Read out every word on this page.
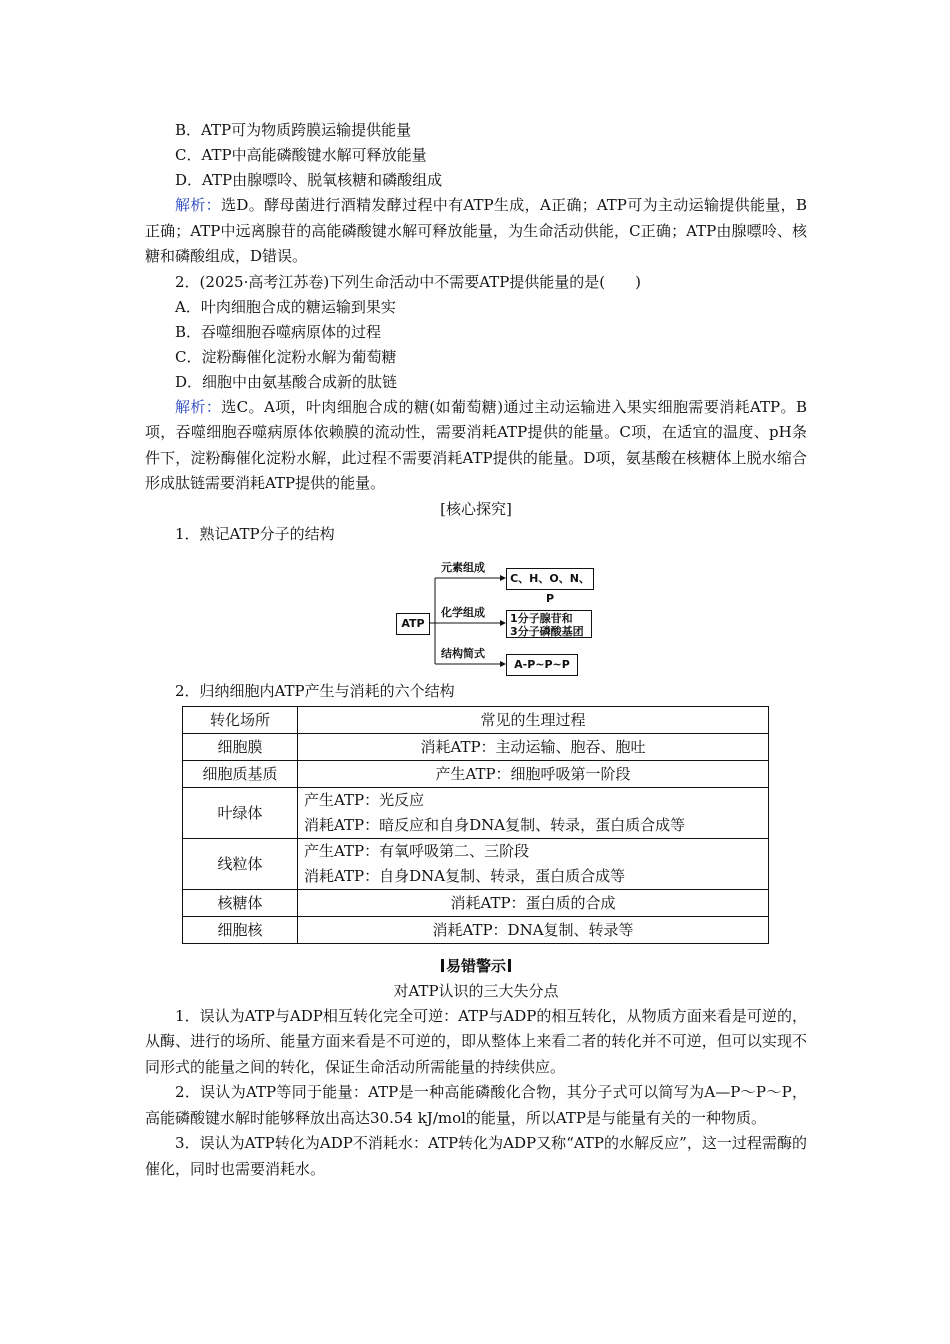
B．ATP可为物质跨膜运输提供能量
C．ATP中高能磷酸键水解可释放能量
D．ATP由腺嘌呤、脱氧核糖和磷酸组成
解析：选D。酵母菌进行酒精发酵过程中有ATP生成，A正确；ATP可为主动运输提供能量，B正确；ATP中远离腺苷的高能磷酸键水解可释放能量，为生命活动供能，C正确；ATP由腺嘌呤、核糖和磷酸组成，D错误。
2．(2025·高考江苏卷)下列生命活动中不需要ATP提供能量的是(　　)
A．叶肉细胞合成的糖运输到果实
B．吞噬细胞吞噬病原体的过程
C．淀粉酶催化淀粉水解为葡萄糖
D．细胞中由氨基酸合成新的肽链
解析：选C。A项，叶肉细胞合成的糖(如葡萄糖)通过主动运输进入果实细胞需要消耗ATP。B项，吞噬细胞吞噬病原体依赖膜的流动性，需要消耗ATP提供的能量。C项，在适宜的温度、pH条件下，淀粉酶催化淀粉水解，此过程不需要消耗ATP提供的能量。D项，氨基酸在核糖体上脱水缩合形成肽链需要消耗ATP提供的能量。
[核心探究]
1．熟记ATP分子的结构
ATP
元素组成
化学组成
结构简式
C、H、O、N、P
1分子腺苷和
3分子磷酸基团
A-P~P~P
2．归纳细胞内ATP产生与消耗的六个结构
转化场所	常见的生理过程
细胞膜	消耗ATP：主动运输、胞吞、胞吐
细胞质基质	产生ATP：细胞呼吸第一阶段
叶绿体	产生ATP：光反应
消耗ATP：暗反应和自身DNA复制、转录，蛋白质合成等

线粒体	产生ATP：有氧呼吸第二、三阶段
消耗ATP：自身DNA复制、转录，蛋白质合成等

核糖体	消耗ATP：蛋白质的合成
细胞核	消耗ATP：DNA复制、转录等
易错警示
对ATP认识的三大失分点
1．误认为ATP与ADP相互转化完全可逆：ATP与ADP的相互转化，从物质方面来看是可逆的，从酶、进行的场所、能量方面来看是不可逆的，即从整体上来看二者的转化并不可逆，但可以实现不同形式的能量之间的转化，保证生命活动所需能量的持续供应。
2．误认为ATP等同于能量：ATP是一种高能磷酸化合物，其分子式可以简写为A—P～P～P，高能磷酸键水解时能够释放出高达30.54 kJ/mol的能量，所以ATP是与能量有关的一种物质。
3．误认为ATP转化为ADP不消耗水：ATP转化为ADP又称“ATP的水解反应”，这一过程需酶的催化，同时也需要消耗水。
